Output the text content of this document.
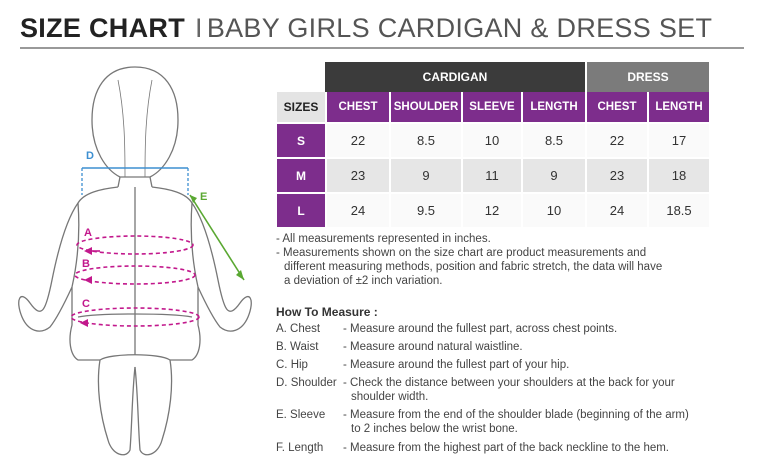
SIZE CHART I BABY GIRLS CARDIGAN & DRESS SET
D
E
A
B
C
	CARDIGAN				DRESS	
SIZES	CHEST	SHOULDER	SLEEVE	LENGTH	CHEST	LENGTH
S	22	8.5	10	8.5	22	17
M	23	9	11	9	23	18
L	24	9.5	12	10	24	18.5
- All measurements represented in inches.
- Measurements shown on the size chart are product measurements and
different measuring methods, position and fabric stretch, the data will have
a deviation of ±2 inch variation.
How To Measure :
A. Chest - Measure around the fullest part, across chest points.
B. Waist - Measure around natural waistline.
C. Hip	- Measure around the fullest part of your hip.
D. Shoulder - Check the distance between your shoulders at the back for your
shoulder width.
E. Sleeve - Measure from the end of the shoulder blade (beginning of the arm)
to 2 inches below the wrist bone.
F. Length - Measure from the highest part of the back neckline to the hem.
